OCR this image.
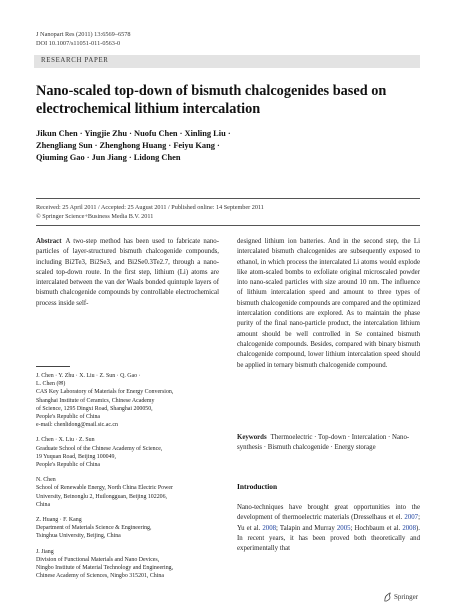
J Nanopart Res (2011) 13:6569–6578
DOI 10.1007/s11051-011-0563-0
RESEARCH PAPER
Nano-scaled top-down of bismuth chalcogenides based on electrochemical lithium intercalation
Jikun Chen · Yingjie Zhu · Nuofu Chen · Xinling Liu ·
Zhengliang Sun · Zhenghong Huang · Feiyu Kang ·
Qiuming Gao · Jun Jiang · Lidong Chen
Received: 25 April 2011 / Accepted: 25 August 2011 / Published online: 14 September 2011
© Springer Science+Business Media B.V. 2011
Abstract A two-step method has been used to fabricate nano-particles of layer-structured bismuth chalcogenide compounds, including Bi2Te3, Bi2Se3, and Bi2Se0.3Te2.7, through a nano-scaled top-down route. In the first step, lithium (Li) atoms are intercalated between the van der Waals bonded quintuple layers of bismuth chalcogenide compounds by controllable electrochemical process inside self-
J. Chen · Y. Zhu · X. Liu · Z. Sun · Q. Gao ·
L. Chen (✉)
CAS Key Laboratory of Materials for Energy Conversion,
Shanghai Institute of Ceramics, Chinese Academy
of Science, 1295 Dingxi Road, Shanghai 200050,
People's Republic of China
e-mail: chenlidong@mail.sic.ac.cn
J. Chen · X. Liu · Z. Sun
Graduate School of the Chinese Academy of Science,
19 Yuquan Road, Beijing 100049,
People's Republic of China
N. Chen
School of Renewable Energy, North China Electric Power
University, Beinonglu 2, Huilongguan, Beijing 102206,
China
Z. Huang · F. Kang
Department of Materials Science & Engineering,
Tsinghua University, Beijing, China
J. Jiang
Division of Functional Materials and Nano Devices,
Ningbo Institute of Material Technology and Engineering,
Chinese Academy of Sciences, Ningbo 315201, China
designed lithium ion batteries. And in the second step, the Li intercalated bismuth chalcogenides are subsequently exposed to ethanol, in which process the intercalated Li atoms would explode like atom-scaled bombs to exfoliate original microscaled powder into nano-scaled particles with size around 10 nm. The influence of lithium intercalation speed and amount to three types of bismuth chalcogenide compounds are compared and the optimized intercalation conditions are explored. As to maintain the phase purity of the final nano-particle product, the intercalation lithium amount should be well controlled in Se contained bismuth chalcogenide compounds. Besides, compared with binary bismuth chalcogenide compound, lower lithium intercalation speed should be applied in ternary bismuth chalcogenide compound.
Keywords Thermoelectric · Top-down · Intercalation · Nano-synthesis · Bismuth chalcogenide · Energy storage
Introduction
Nano-techniques have brought great opportunities into the development of thermoelectric materials (Dresselhaus et el. 2007; Yu et al. 2008; Talapin and Murray 2005; Hochbaum et al. 2008). In recent years, it has been proved both theoretically and experimentally that
Springer
